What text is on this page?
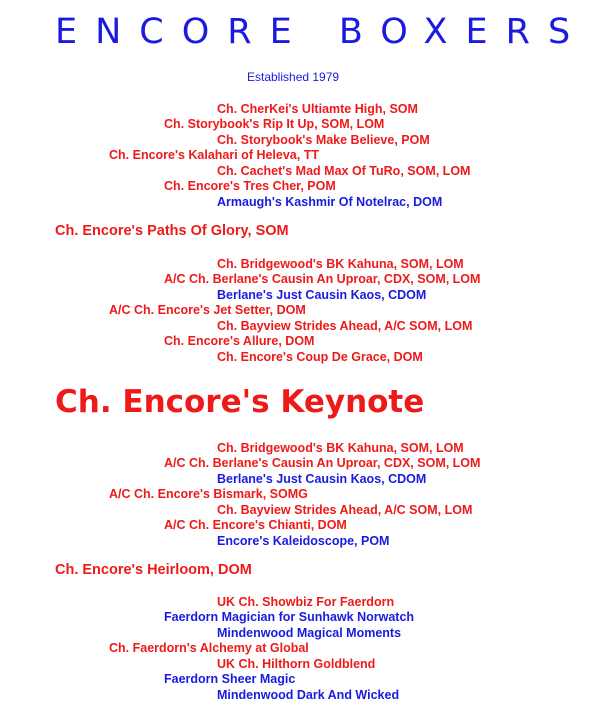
ENCORE BOXERS
Established 1979
Ch. CherKei's Ultiamte High, SOM
Ch. Storybook's Rip It Up, SOM, LOM
Ch. Storybook's Make Believe, POM
Ch. Encore's Kalahari of Heleva, TT
Ch. Cachet's Mad Max Of TuRo, SOM, LOM
Ch. Encore's Tres Cher, POM
Armaugh's Kashmir Of Notelrac, DOM
Ch. Encore's Paths Of Glory, SOM
Ch. Bridgewood's BK Kahuna, SOM, LOM
A/C Ch. Berlane's Causin An Uproar, CDX, SOM, LOM
Berlane's Just Causin Kaos, CDOM
A/C Ch. Encore's Jet Setter, DOM
Ch. Bayview Strides Ahead, A/C SOM, LOM
Ch. Encore's Allure, DOM
Ch. Encore's Coup De Grace, DOM
Ch. Encore's Keynote
Ch. Bridgewood's BK Kahuna, SOM, LOM
A/C Ch. Berlane's Causin An Uproar, CDX, SOM, LOM
Berlane's Just Causin Kaos, CDOM
A/C Ch. Encore's Bismark, SOMG
Ch. Bayview Strides Ahead, A/C SOM, LOM
A/C Ch. Encore's Chianti, DOM
Encore's Kaleidoscope, POM
Ch. Encore's Heirloom, DOM
UK Ch. Showbiz For Faerdorn
Faerdorn Magician for Sunhawk Norwatch
Mindenwood Magical Moments
Ch. Faerdorn's Alchemy at Global
UK Ch. Hilthorn Goldblend
Faerdorn Sheer Magic
Mindenwood Dark And Wicked
